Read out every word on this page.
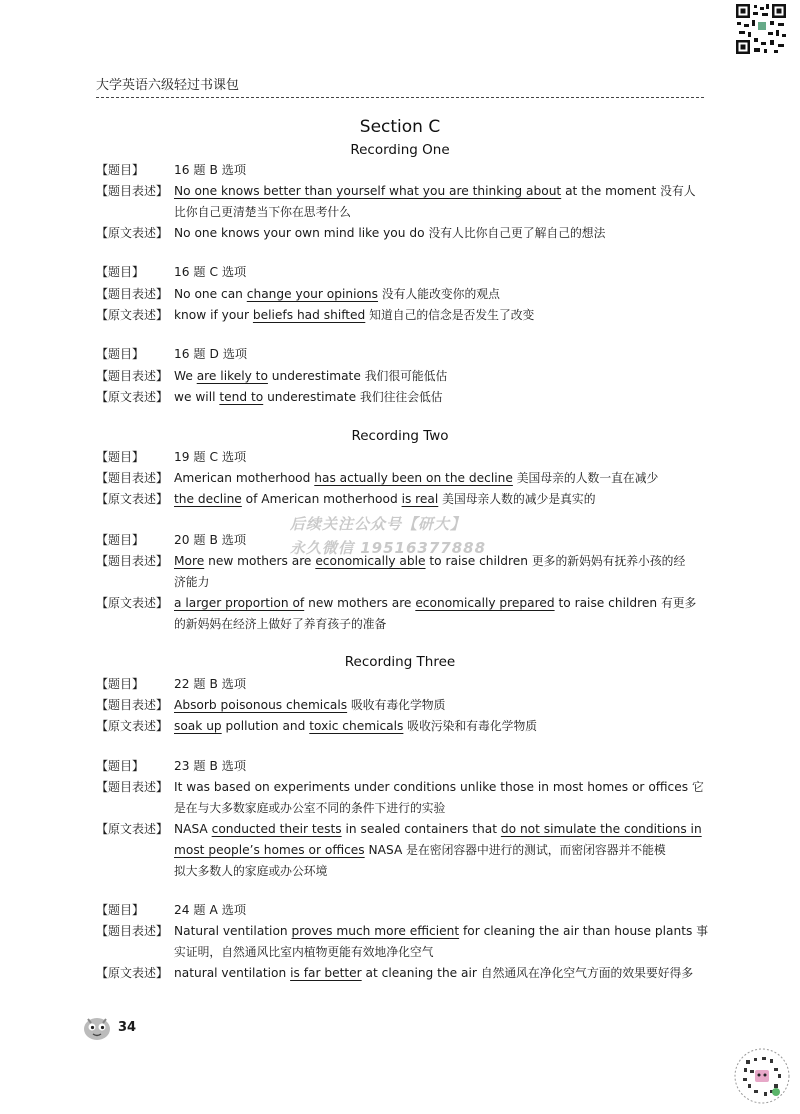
大学英语六级轻过书课包
Section C
Recording One
【题目】 16 题 B 选项
【题目表述】 No one knows better than yourself what you are thinking about at the moment 没有人
比你自己更清楚当下你在思考什么
【原文表述】 No one knows your own mind like you do 没有人比你自己更了解自己的想法
【题目】 16 题 C 选项
【题目表述】 No one can change your opinions 没有人能改变你的观点
【原文表述】 know if your beliefs had shifted 知道自己的信念是否发生了改变
【题目】 16 题 D 选项
【题目表述】 We are likely to underestimate 我们很可能低估
【原文表述】 we will tend to underestimate 我们往往会低估
Recording Two
【题目】 19 题 C 选项
【题目表述】 American motherhood has actually been on the decline 美国母亲的人数一直在减少
【原文表述】 the decline of American motherhood is real 美国母亲人数的减少是真实的
后续关注公众号【研大】
永久微信 19516377888
【题目】 20 题 B 选项
【题目表述】 More new mothers are economically able to raise children 更多的新妈妈有抚养小孩的经
济能力
【原文表述】 a larger proportion of new mothers are economically prepared to raise children 有更多
的新妈妈在经济上做好了养育孩子的准备
Recording Three
【题目】 22 题 B 选项
【题目表述】 Absorb poisonous chemicals 吸收有毒化学物质
【原文表述】 soak up pollution and toxic chemicals 吸收污染和有毒化学物质
【题目】 23 题 B 选项
【题目表述】 It was based on experiments under conditions unlike those in most homes or offices 它
是在与大多数家庭或办公室不同的条件下进行的实验
【原文表述】 NASA conducted their tests in sealed containers that do not simulate the conditions in
most people’s homes or offices NASA 是在密闭容器中进行的测试，而密闭容器并不能模
拟大多数人的家庭或办公环境
【题目】 24 题 A 选项
【题目表述】 Natural ventilation proves much more efficient for cleaning the air than house plants 事
实证明，自然通风比室内植物更能有效地净化空气
【原文表述】 natural ventilation is far better at cleaning the air 自然通风在净化空气方面的效果要好得多
34
